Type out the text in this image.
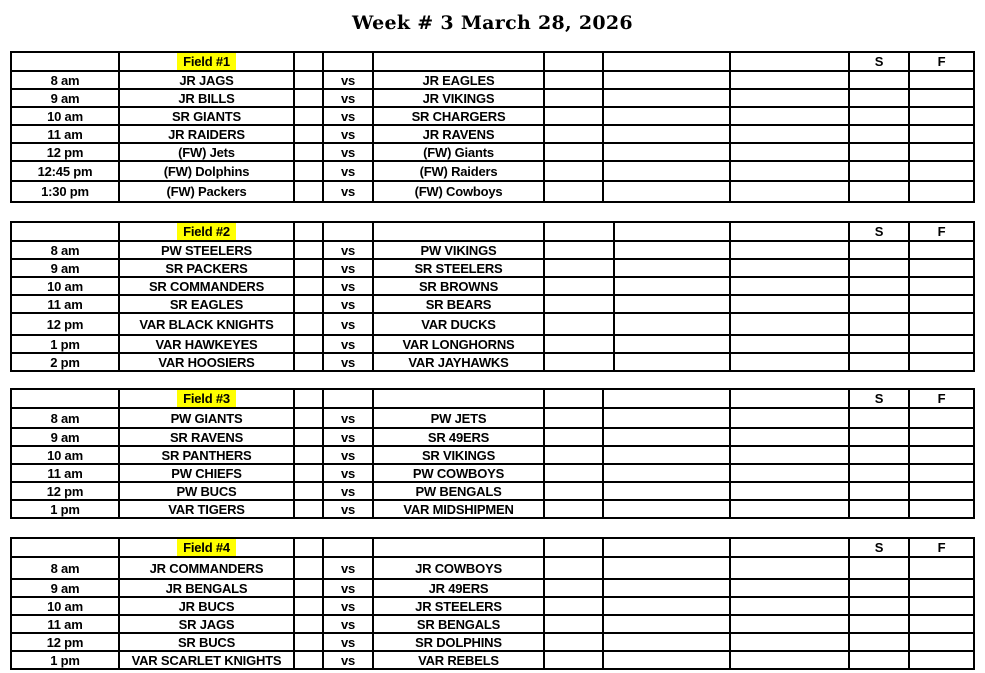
Week # 3 March 28, 2026
	Field #1							S	F
8 am	JR JAGS		vs	JR EAGLES					
9 am	JR BILLS		vs	JR VIKINGS					
10 am	SR GIANTS		vs	SR CHARGERS					
11 am	JR RAIDERS		vs	JR RAVENS					
12 pm	(FW) Jets		vs	(FW) Giants					
12:45 pm	(FW) Dolphins		vs	(FW) Raiders					
1:30 pm	(FW) Packers		vs	(FW) Cowboys					
	Field #2							S	F
8 am	PW STEELERS		vs	PW VIKINGS					
9 am	SR PACKERS		vs	SR STEELERS					
10 am	SR COMMANDERS		vs	SR BROWNS					
11 am	SR EAGLES		vs	SR BEARS					
12 pm	VAR BLACK KNIGHTS		vs	VAR DUCKS					
1 pm	VAR HAWKEYES		vs	VAR LONGHORNS					
2 pm	VAR HOOSIERS		vs	VAR JAYHAWKS					
	Field #3							S	F
8 am	PW GIANTS		vs	PW JETS					
9 am	SR RAVENS		vs	SR 49ERS					
10 am	SR PANTHERS		vs	SR VIKINGS					
11 am	PW CHIEFS		vs	PW COWBOYS					
12 pm	PW BUCS		vs	PW BENGALS					
1 pm	VAR TIGERS		vs	VAR MIDSHIPMEN					
	Field #4							S	F
8 am	JR COMMANDERS		vs	JR COWBOYS					
9 am	JR BENGALS		vs	JR 49ERS					
10 am	JR BUCS		vs	JR STEELERS					
11 am	SR JAGS		vs	SR BENGALS					
12 pm	SR BUCS		vs	SR DOLPHINS					
1 pm	VAR SCARLET KNIGHTS		vs	VAR REBELS					
